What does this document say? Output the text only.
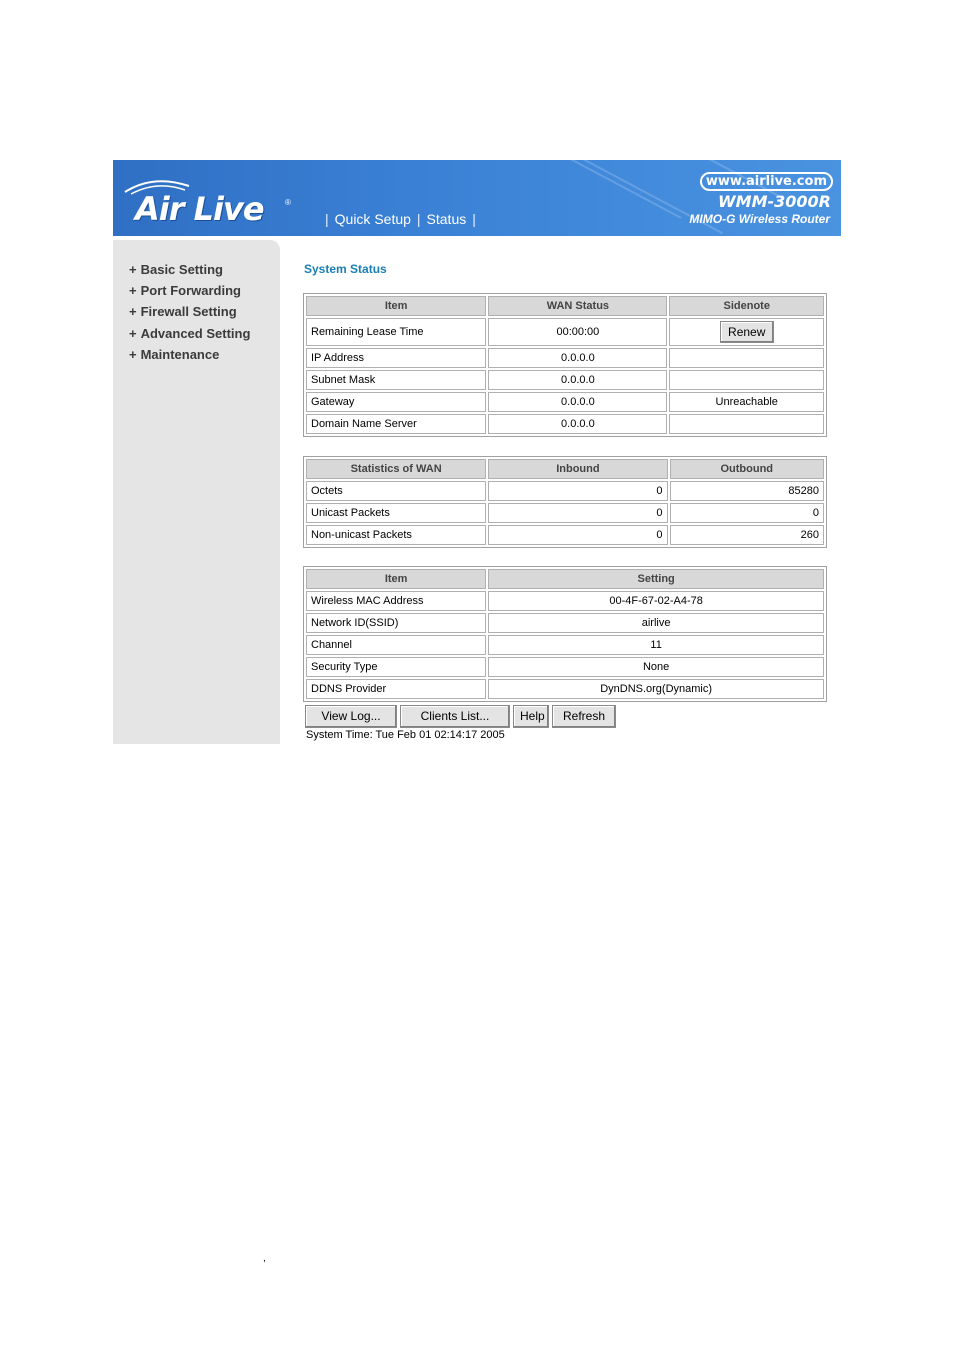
Air Live	®
| Quick Setup | Status |
www.airlive.com
WMM-3000R
MIMO-G Wireless Router
+ Basic Setting
+ Port Forwarding
+ Firewall Setting
+ Advanced Setting
+ Maintenance
System Status
Item	WAN Status	Sidenote
Remaining Lease Time	00:00:00	Renew
IP Address	0.0.0.0	
Subnet Mask	0.0.0.0	
Gateway	0.0.0.0	Unreachable
Domain Name Server	0.0.0.0	
Statistics of WAN	Inbound	Outbound
Octets	0	85280
Unicast Packets	0	0
Non-unicast Packets	0	260
Item	Setting
Wireless MAC Address	00-4F-67-02-A4-78
Network ID(SSID)	airlive
Channel	11
Security Type	None
DDNS Provider	DynDNS.org(Dynamic)
View Log...	Clients List...	Help	Refresh
System Time: Tue Feb 01 02:14:17 2005
,
